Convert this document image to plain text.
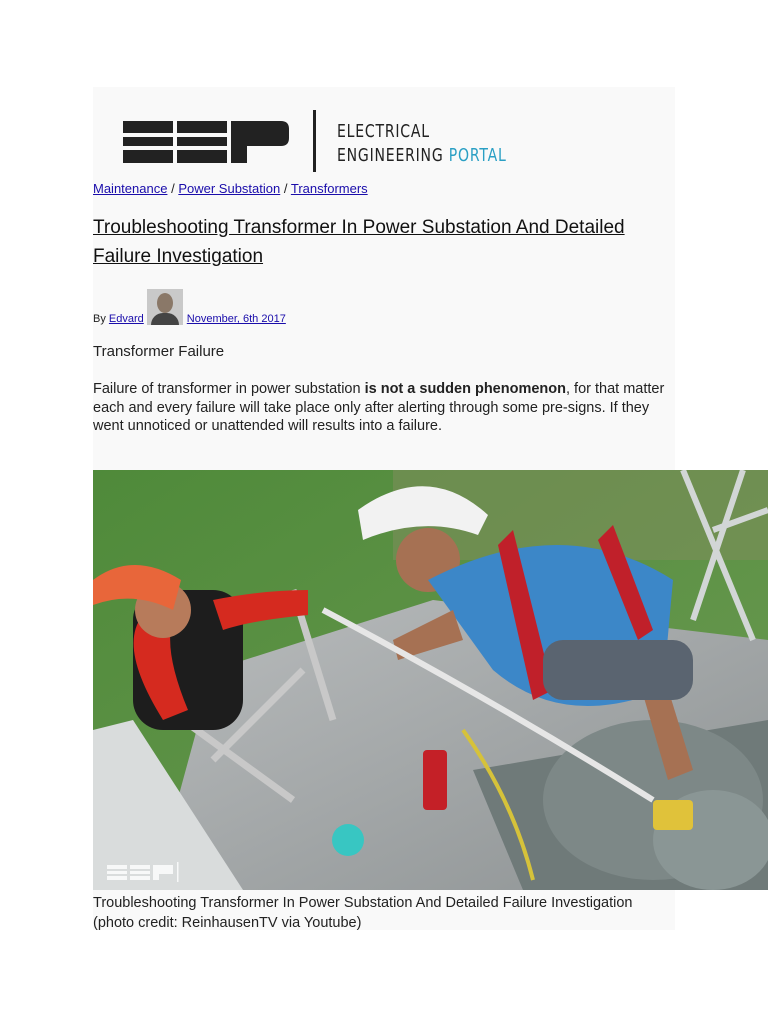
ELECTRICAL
ENGINEERING PORTAL
Maintenance / Power Substation / Transformers
Troubleshooting Transformer In Power Substation And Detailed Failure Investigation
By
Edvard	November, 6th 2017
Transformer Failure

Failure of transformer in power substation is not a sudden phenomenon, for that matter each and every failure will take place only after alerting through some pre-signs. If they went unnoticed or unattended will results into a failure.

Troubleshooting Transformer In Power Substation And Detailed Failure Investigation (photo credit: ReinhausenTV via Youtube)
